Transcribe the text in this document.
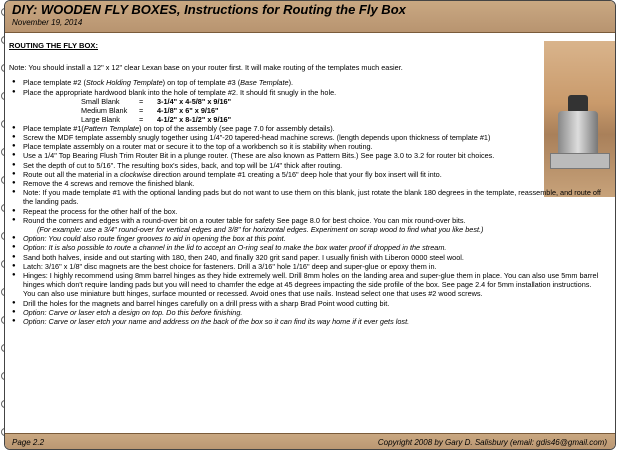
DIY: WOODEN FLY BOXES, Instructions for Routing the Fly Box
November 19, 2014
ROUTING THE FLY BOX:
Note: You should install a 12" x 12" clear Lexan base on your router first. It will make routing of the templates much easier.
● Place template #2 (Stock Holding Template) on top of template #3 (Base Template).
● Place the appropriate hardwood blank into the hole of template #2. It should fit snugly in the hole.
Small Blank	=	3-1/4" x 4-5/8" x 9/16"
Medium Blank	=	4-1/8" x 6" x 9/16"
Large Blank	=	4-1/2" x 8-1/2" x 9/16"
● Place template #1(Pattern Template) on top of the assembly (see page 7.0 for assembly details).
● Screw the MDF template assembly snugly together using 1/4"-20 tapered-head machine screws. (length depends upon thickness of template #1)
● Place template assembly on a router mat or secure it to the top of a workbench so it is stability when routing.
● Use a 1/4" Top Bearing Flush Trim Router Bit in a plunge router. (These are also known as Pattern Bits.) See page 3.0 to 3.2 for router bit choices.
● Set the depth of cut to 5/16". The resulting box's sides, back, and top will be 1/4" thick after routing.
● Route out all the material in a clockwise direction around template #1 creating a 5/16" deep hole that your fly box insert will fit into.
● Remove the 4 screws and remove the finished blank.
● Note: If you made template #1 with the optional landing pads but do not want to use them on this blank, just rotate the blank 180 degrees in the template, reassemble, and route off the landing pads.
● Repeat the process for the other half of the box.
● Round the corners and edges with a round-over bit on a router table for safety See page 8.0 for best choice. You can mix round-over bits.
(For example: use a 3/4" round-over for vertical edges and 3/8" for horizontal edges. Experiment on scrap wood to find what you like best.)
● Option: You could also route finger grooves to aid in opening the box at this point.
● Option: It is also possible to route a channel in the lid to accept an O-ring seal to make the box water proof if dropped in the stream.
● Sand both halves, inside and out starting with 180, then 240, and finally 320 grit sand paper. I usually finish with Liberon 0000 steel wool.
● Latch: 3/16" x 1/8" disc magnets are the best choice for fasteners. Drill a 3/16" hole 1/16" deep and super-glue or epoxy them in.
● Hinges: I highly recommend using 8mm barrel hinges as they hide extremely well. Drill 8mm holes on the landing area and super-glue them in place. You can also use 5mm barrel hinges which don't require landing pads but you will need to chamfer the edge at 45 degrees impacting the side profile of the box. See page 2.4 for 5mm installation instructions.
You can also use miniature butt hinges, surface mounted or recessed. Avoid ones that use nails. Instead select one that uses #2 wood screws.
● Drill the holes for the magnets and barrel hinges carefully on a drill press with a sharp Brad Point wood cutting bit.
● Option: Carve or laser etch a design on top. Do this before finishing.
● Option: Carve or laser etch your name and address on the back of the box so it can find its way home if it ever gets lost.
Page 2.2	Copyright 2008 by Gary D. Salisbury (email: gdis46@gmail.com)
